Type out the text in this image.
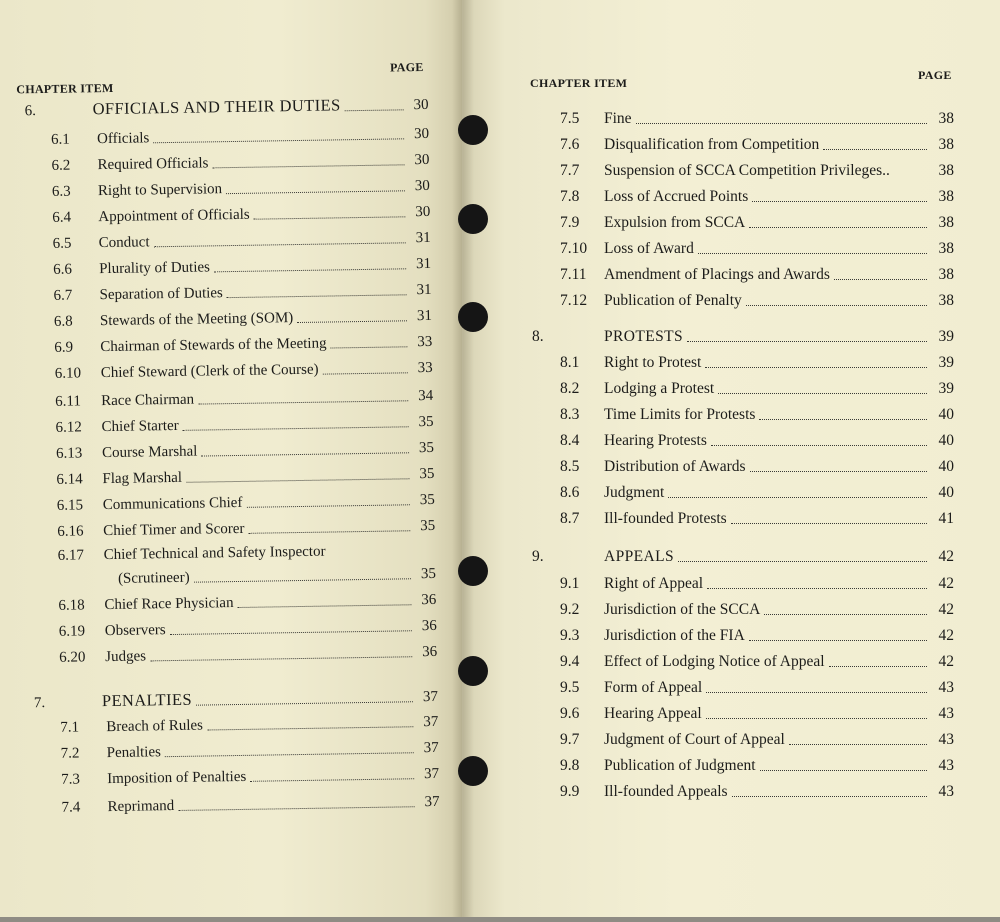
CHAPTER ITEM
PAGE
6.	OFFICIALS AND THEIR DUTIES	30
6.1	Officials	30
6.2	Required Officials	30
6.3	Right to Supervision	30
6.4	Appointment of Officials	30
6.5	Conduct	31
6.6	Plurality of Duties	31
6.7	Separation of Duties	31
6.8	Stewards of the Meeting (SOM)	31
6.9	Chairman of Stewards of the Meeting	33
6.10	Chief Steward (Clerk of the Course)	33
6.11	Race Chairman	34
6.12	Chief Starter	35
6.13	Course Marshal	35
6.14	Flag Marshal	35
6.15	Communications Chief	35
6.16	Chief Timer and Scorer	35
6.17	Chief Technical and Safety Inspector
(Scrutineer)	35
6.18	Chief Race Physician	36
6.19	Observers	36
6.20	Judges	36
7.	PENALTIES	37
7.1	Breach of Rules	37
7.2	Penalties	37
7.3	Imposition of Penalties	37
7.4	Reprimand	37
CHAPTER ITEM
PAGE
7.5	Fine	38
7.6	Disqualification from Competition	38
7.7	Suspension of SCCA Competition Privileges..	38
7.8	Loss of Accrued Points	38
7.9	Expulsion from SCCA	38
7.10	Loss of Award	38
7.11	Amendment of Placings and Awards	38
7.12	Publication of Penalty	38
8.	PROTESTS	39
8.1	Right to Protest	39
8.2	Lodging a Protest	39
8.3	Time Limits for Protests	40
8.4	Hearing Protests	40
8.5	Distribution of Awards	40
8.6	Judgment	40
8.7	Ill-founded Protests	41
9.	APPEALS	42
9.1	Right of Appeal	42
9.2	Jurisdiction of the SCCA	42
9.3	Jurisdiction of the FIA	42
9.4	Effect of Lodging Notice of Appeal	42
9.5	Form of Appeal	43
9.6	Hearing Appeal	43
9.7	Judgment of Court of Appeal	43
9.8	Publication of Judgment	43
9.9	Ill-founded Appeals	43
